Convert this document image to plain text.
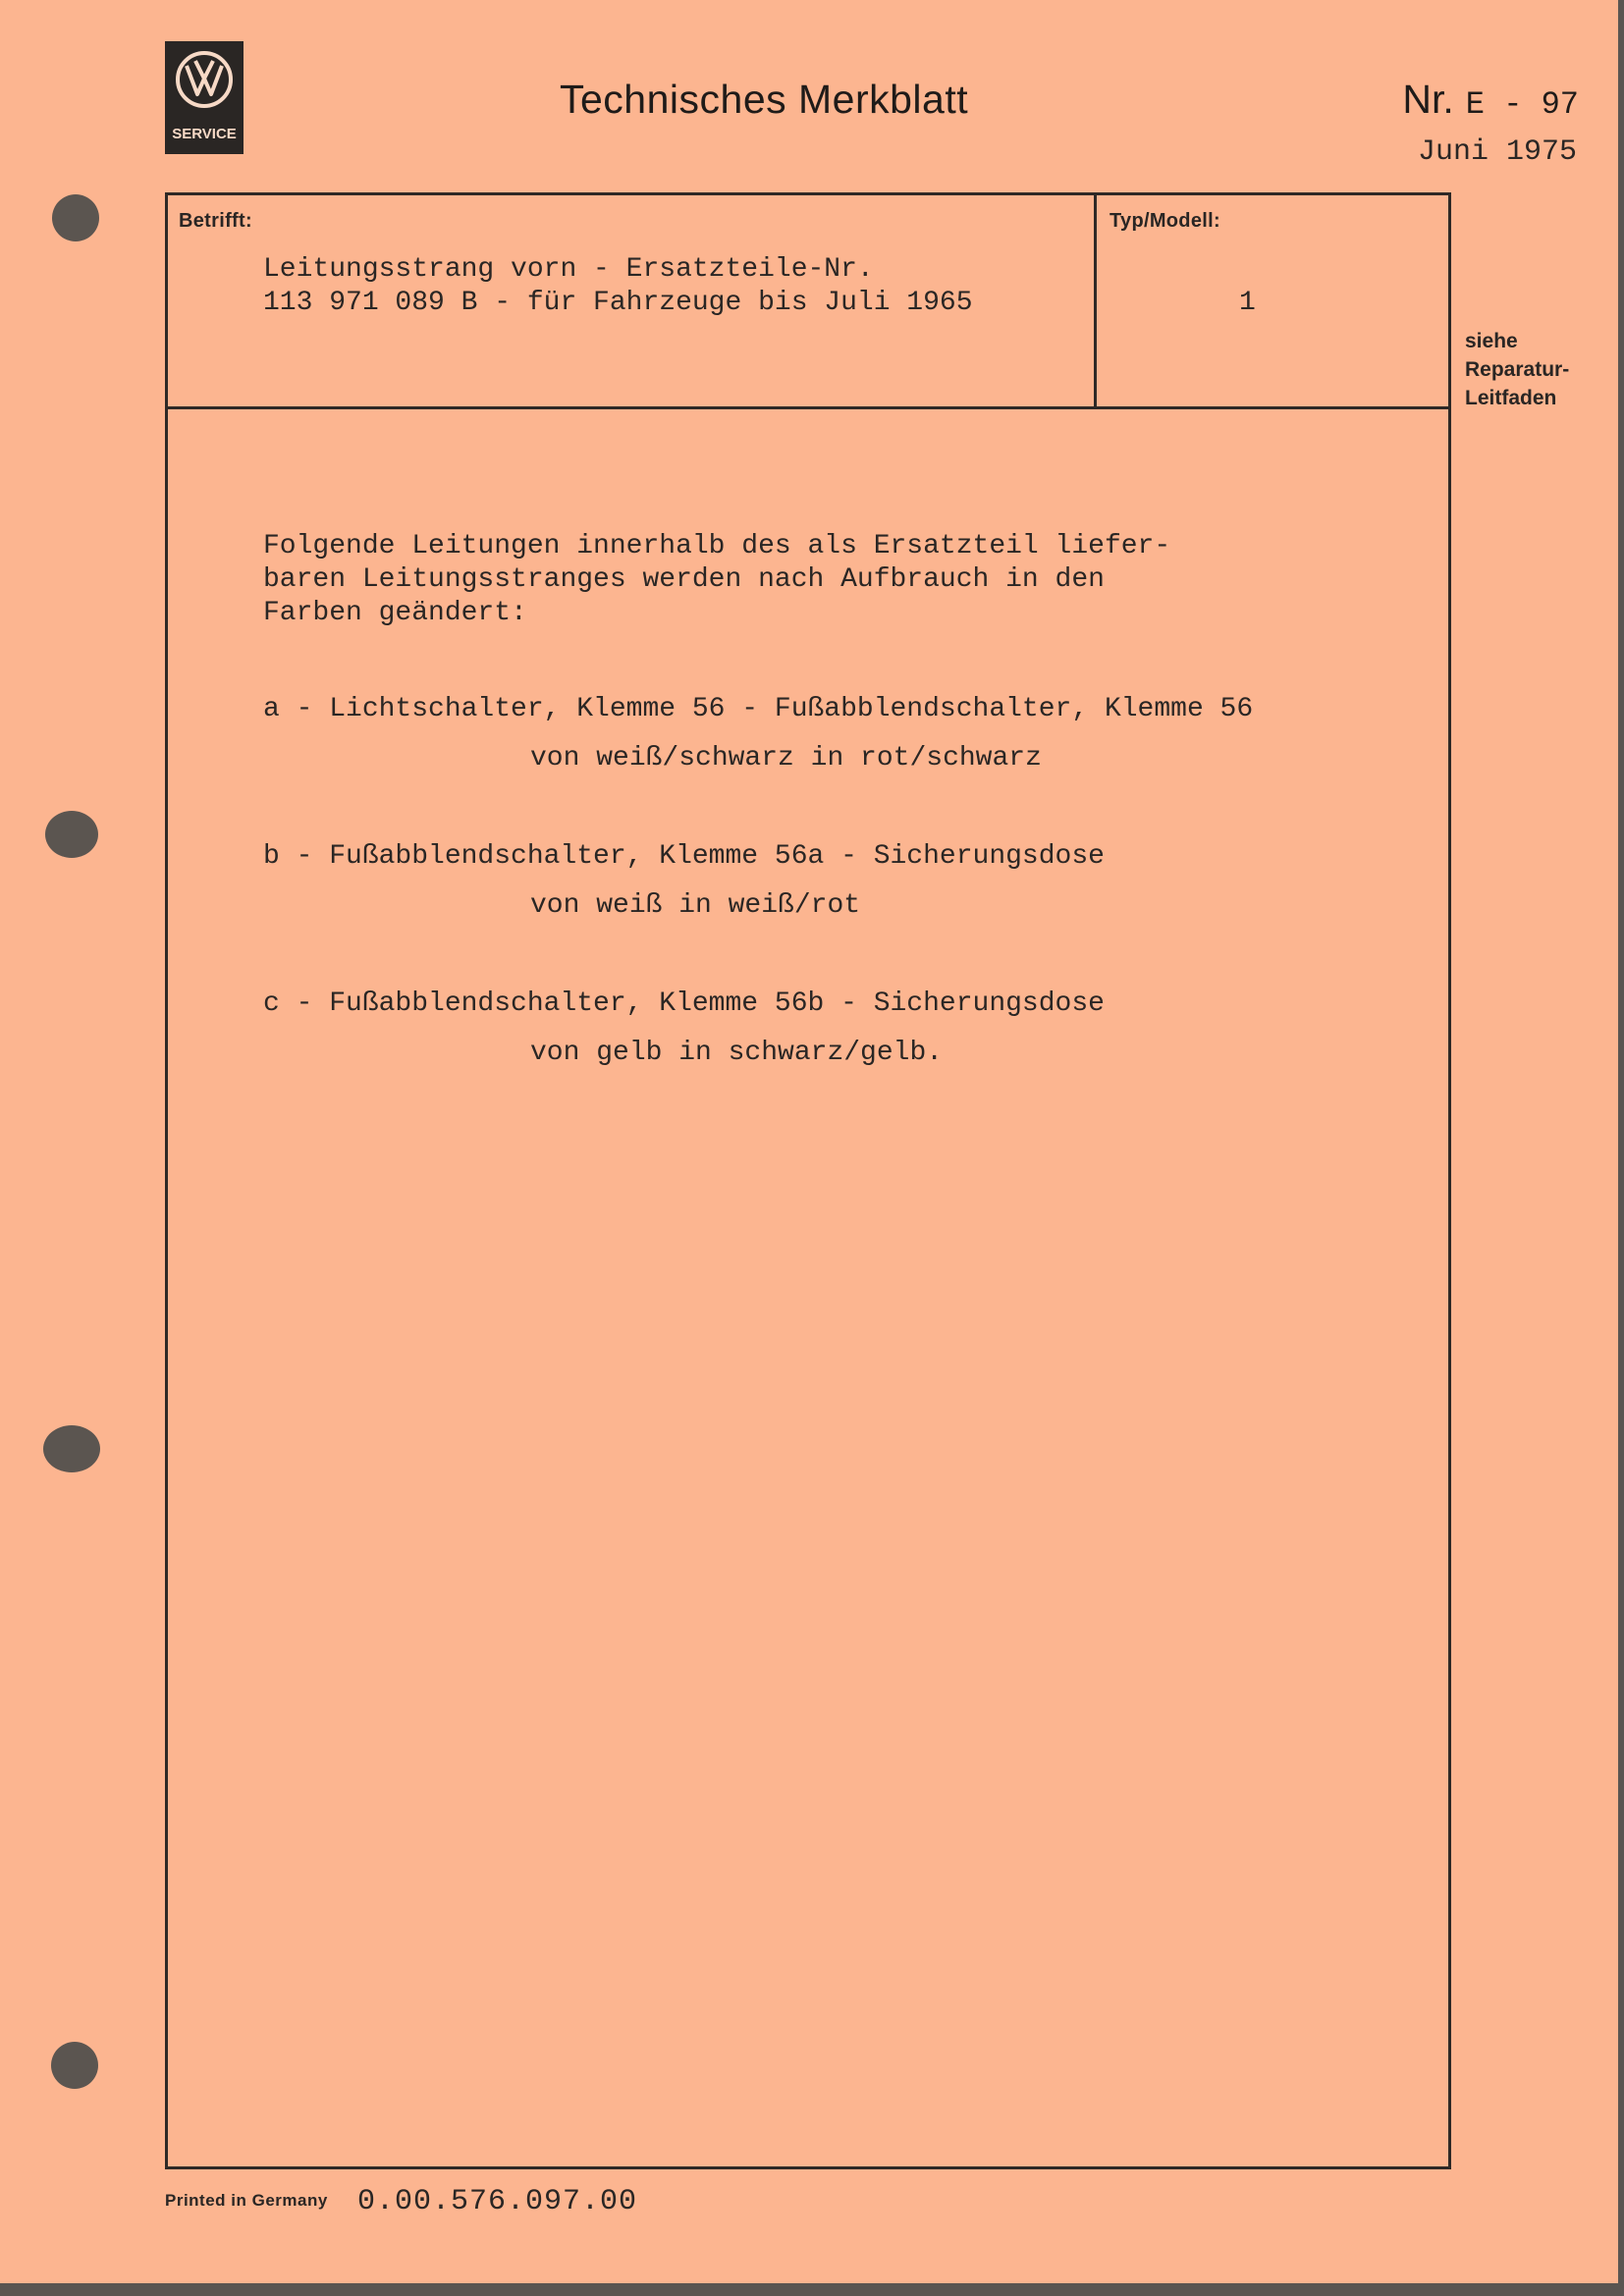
SERVICE
Technisches Merkblatt	Nr. E - 97
Juni 1975
Betrifft:
Leitungsstrang vorn - Ersatzteile-Nr.
113 971 089 B - für Fahrzeuge bis Juli 1965
Typ/Modell:
1
siehe
Reparatur-
Leitfaden
Folgende Leitungen innerhalb des als Ersatzteil liefer-
baren Leitungsstranges werden nach Aufbrauch in den
Farben geändert:
a - Lichtschalter, Klemme 56 - Fußabblendschalter, Klemme 56
von weiß/schwarz in rot/schwarz
b - Fußabblendschalter, Klemme 56a - Sicherungsdose
von weiß in weiß/rot
c - Fußabblendschalter, Klemme 56b - Sicherungsdose
von gelb in schwarz/gelb.
Printed in Germany 0.00.576.097.00
